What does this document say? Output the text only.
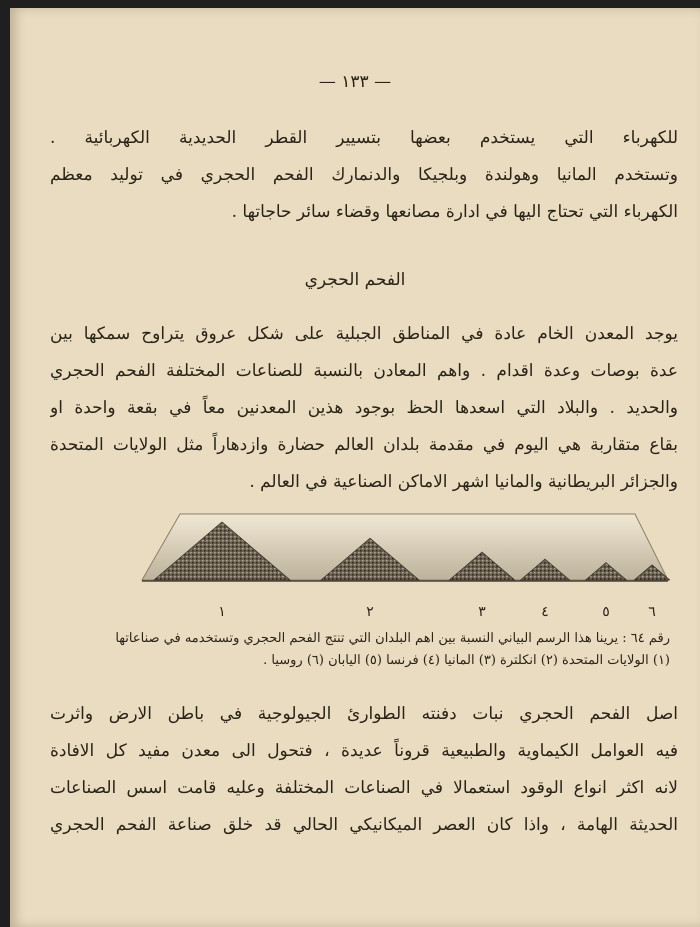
— ١٣٣ —
للكهرباء التي يستخدم بعضها بتسيير القطر الحديدية الكهربائية .
وتستخدم المانيا وهولندة وبلجيكا والدنمارك الفحم الحجري في توليد معظم
الكهرباء التي تحتاج اليها في ادارة مصانعها وقضاء سائر حاجاتها .
الفحم الحجري
يوجد المعدن الخام عادة في المناطق الجبلية على شكل عروق يتراوح سمكها بين
عدة بوصات وعدة اقدام . واهم المعادن بالنسبة للصناعات المختلفة الفحم الحجري
والحديد . والبلاد التي اسعدها الحظ بوجود هذين المعدنين معاً في بقعة واحدة او
بقاع متقاربة هي اليوم في مقدمة بلدان العالم حضارة وازدهاراً مثل الولايات المتحدة
والجزائر البريطانية والمانيا اشهر الاماكن الصناعية في العالم .
١	٢	٣	٤	٥	٦
رقم ٦٤ : يرينا هذا الرسم البياني النسبة بين اهم البلدان التي تنتج الفحم الحجري وتستخدمه في صناعاتها
(١) الولايات المتحدة (٢) انكلترة (٣) المانيا (٤) فرنسا (٥) اليابان (٦) روسيا .
اصل الفحم الحجري نبات دفنته الطوارئ الجيولوجية في باطن الارض واثرت
فيه العوامل الكيماوية والطبيعية قروناً عديدة ، فتحول الى معدن مفيد كل الافادة
لانه اكثر انواع الوقود استعمالا في الصناعات المختلفة وعليه قامت اسس الصناعات
الحديثة الهامة ، واذا كان العصر الميكانيكي الحالي قد خلق صناعة الفحم الحجري
